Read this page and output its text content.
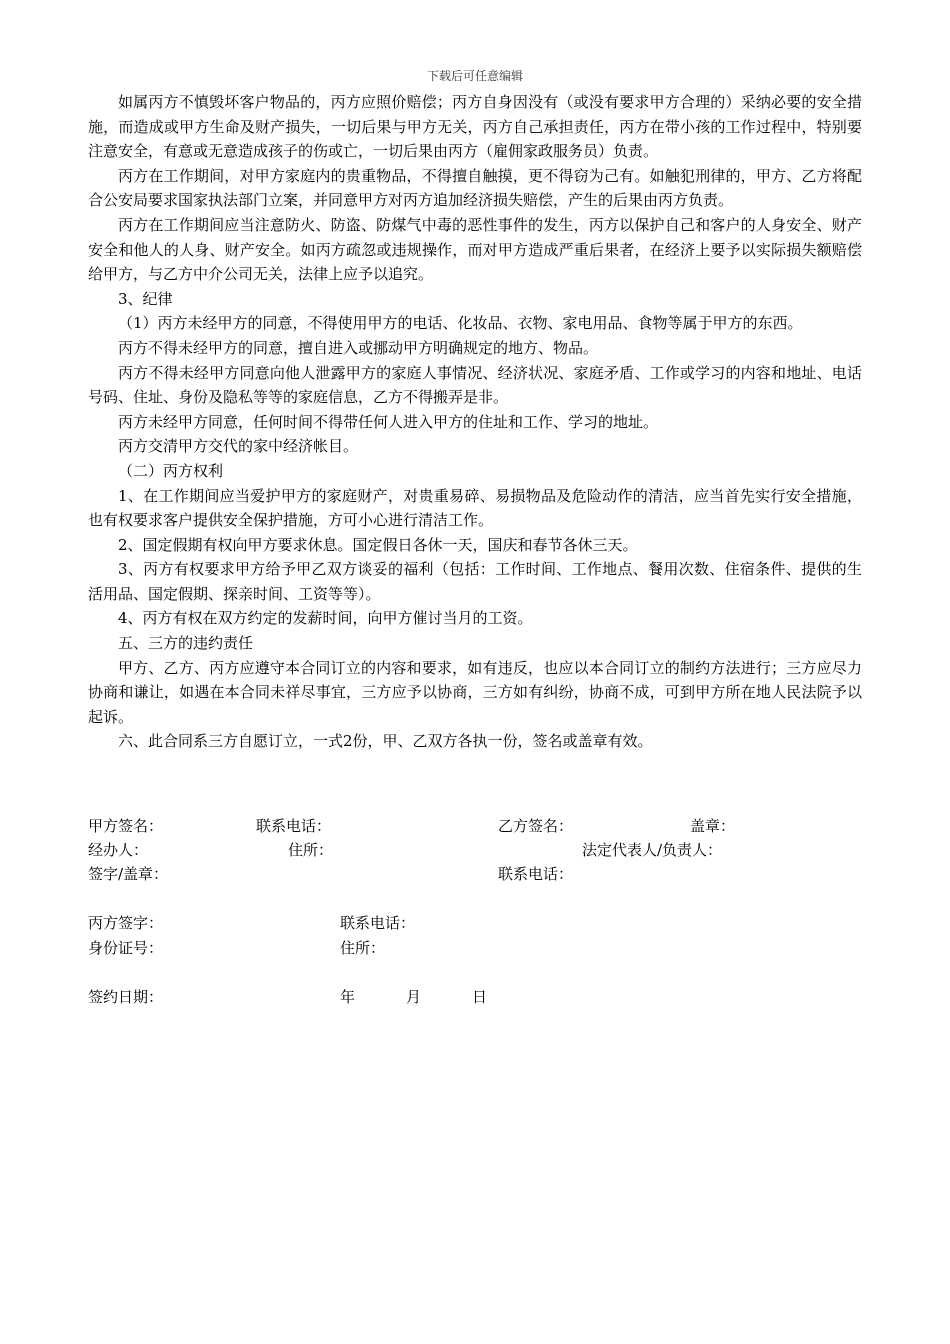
下载后可任意编辑

如属丙方不慎毁坏客户物品的，丙方应照价赔偿；丙方自身因没有（或没有要求甲方合理的）采纳必要的安全措施，而造成或甲方生命及财产损失，一切后果与甲方无关，丙方自己承担责任，丙方在带小孩的工作过程中，特别要注意安全，有意或无意造成孩子的伤或亡，一切后果由丙方（雇佣家政服务员）负责。

丙方在工作期间，对甲方家庭内的贵重物品，不得擅自触摸，更不得窃为己有。如触犯刑律的，甲方、乙方将配合公安局要求国家执法部门立案，并同意甲方对丙方追加经济损失赔偿，产生的后果由丙方负责。

丙方在工作期间应当注意防火、防盗、防煤气中毒的恶性事件的发生，丙方以保护自己和客户的人身安全、财产安全和他人的人身、财产安全。如丙方疏忽或违规操作，而对甲方造成严重后果者，在经济上要予以实际损失额赔偿给甲方，与乙方中介公司无关，法律上应予以追究。

3、纪律

（1）丙方未经甲方的同意，不得使用甲方的电话、化妆品、衣物、家电用品、食物等属于甲方的东西。

丙方不得未经甲方的同意，擅自进入或挪动甲方明确规定的地方、物品。

丙方不得未经甲方同意向他人泄露甲方的家庭人事情况、经济状况、家庭矛盾、工作或学习的内容和地址、电话号码、住址、身份及隐私等等的家庭信息，乙方不得搬弄是非。

丙方未经甲方同意，任何时间不得带任何人进入甲方的住址和工作、学习的地址。

丙方交清甲方交代的家中经济帐目。

（二）丙方权利

1、在工作期间应当爱护甲方的家庭财产，对贵重易碎、易损物品及危险动作的清洁，应当首先实行安全措施，也有权要求客户提供安全保护措施，方可小心进行清洁工作。

2、国定假期有权向甲方要求休息。国定假日各休一天，国庆和春节各休三天。

3、丙方有权要求甲方给予甲乙双方谈妥的福利（包括：工作时间、工作地点、餐用次数、住宿条件、提供的生活用品、国定假期、探亲时间、工资等等）。

4、丙方有权在双方约定的发薪时间，向甲方催讨当月的工资。

五、三方的违约责任

甲方、乙方、丙方应遵守本合同订立的内容和要求，如有违反，也应以本合同订立的制约方法进行；三方应尽力协商和谦让，如遇在本合同未祥尽事宜，三方应予以协商，三方如有纠纷，协商不成，可到甲方所在地人民法院予以起诉。

六、此合同系三方自愿订立，一式2份，甲、乙双方各执一份，签名或盖章有效。

甲方签名：	联系电话：	乙方签名：	盖章：
经办人：	住所：	法定代表人/负责人：
签字/盖章：	联系电话：
丙方签字：	联系电话：
身份证号：	住所：
签约日期：	年	月	日
